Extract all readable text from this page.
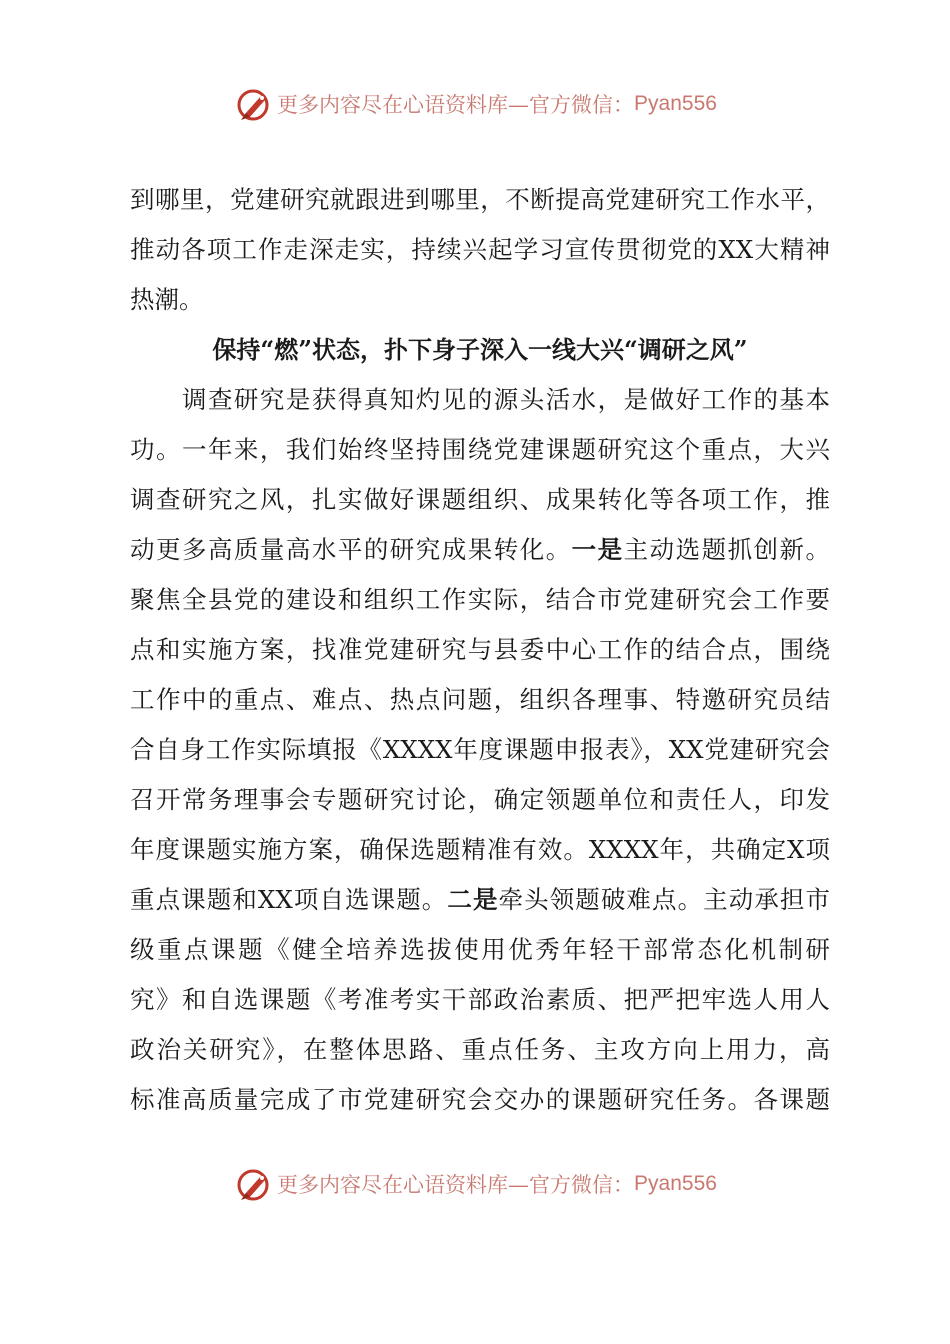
更多内容尽在心语资料库—官方微信： Pyan556
到哪里，党建研究就跟进到哪里，不断提高党建研究工作水平，
推动各项工作走深走实，持续兴起学习宣传贯彻党的XX大精神
热潮。
保持“燃”状态，扑下身子深入一线大兴“调研之风”
　　调查研究是获得真知灼见的源头活水，是做好工作的基本
功。一年来，我们始终坚持围绕党建课题研究这个重点，大兴
调查研究之风，扎实做好课题组织、成果转化等各项工作，推
动更多高质量高水平的研究成果转化。一是主动选题抓创新。
聚焦全县党的建设和组织工作实际，结合市党建研究会工作要
点和实施方案，找准党建研究与县委中心工作的结合点，围绕
工作中的重点、难点、热点问题，组织各理事、特邀研究员结
合自身工作实际填报《XXXX年度课题申报表》，XX党建研究会
召开常务理事会专题研究讨论，确定领题单位和责任人，印发
年度课题实施方案，确保选题精准有效。XXXX年，共确定X项
重点课题和XX项自选课题。二是牵头领题破难点。主动承担市
级重点课题《健全培养选拔使用优秀年轻干部常态化机制研
究》和自选课题《考准考实干部政治素质、把严把牢选人用人
政治关研究》，在整体思路、重点任务、主攻方向上用力，高
标准高质量完成了市党建研究会交办的课题研究任务。各课题
更多内容尽在心语资料库—官方微信： Pyan556
